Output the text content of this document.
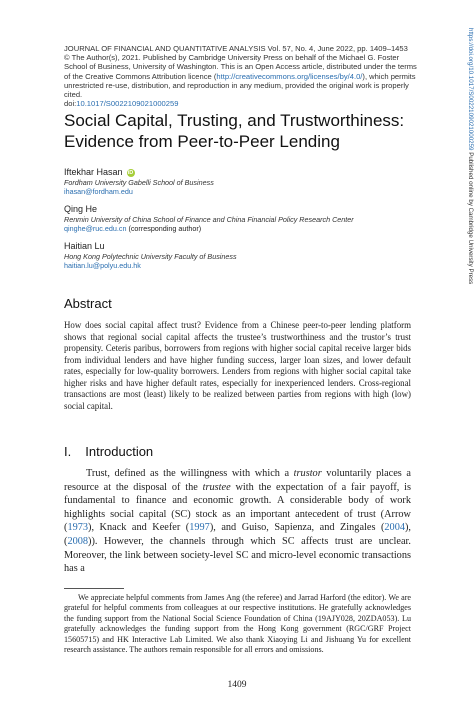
JOURNAL OF FINANCIAL AND QUANTITATIVE ANALYSIS Vol. 57, No. 4, June 2022, pp. 1409–1453

© The Author(s), 2021. Published by Cambridge University Press on behalf of the Michael G. Foster

School of Business, University of Washington. This is an Open Access article, distributed under the terms

of the Creative Commons Attribution licence (http://creativecommons.org/licenses/by/4.0/), which permits

unrestricted re-use, distribution, and reproduction in any medium, provided the original work is properly

cited.

doi:10.1017/S0022109021000259

Social Capital, Trusting, and Trustworthiness:
Evidence from Peer-to-Peer Lending
Iftekhar Hasan iD
Fordham University Gabelli School of Business
ihasan@fordham.edu
Qing He
Renmin University of China School of Finance and China Financial Policy Research Center
qinghe@ruc.edu.cn (corresponding author)
Haitian Lu
Hong Kong Polytechnic University Faculty of Business
haitian.lu@polyu.edu.hk
Abstract

How does social capital affect trust? Evidence from a Chinese peer-to-peer lending platform shows that regional social capital affects the trustee’s trustworthiness and the trustor’s trust propensity. Ceteris paribus, borrowers from regions with higher social capital receive larger bids from individual lenders and have higher funding success, larger loan sizes, and lower default rates, especially for low-quality borrowers. Lenders from regions with higher social capital take higher risks and have higher default rates, especially for inexperienced lenders. Cross-regional transactions are most (least) likely to be realized between parties from regions with high (low) social capital.

I. Introduction

Trust, defined as the willingness with which a trustor voluntarily places a resource at the disposal of the trustee with the expectation of a fair payoff, is fundamental to finance and economic growth. A considerable body of work highlights social capital (SC) stock as an important antecedent of trust (Arrow (1973), Knack and Keefer (1997), and Guiso, Sapienza, and Zingales (2004), (2008)). However, the channels through which SC affects trust are unclear. Moreover, the link between society-level SC and micro-level economic transactions has a

We appreciate helpful comments from James Ang (the referee) and Jarrad Harford (the editor). We are grateful for helpful comments from colleagues at our respective institutions. He gratefully acknowledges the funding support from the National Social Science Foundation of China (19AJY028, 20ZDA053). Lu gratefully acknowledges the funding support from the Hong Kong government (RGC/GRF Project 15605715) and HK Interactive Lab Limited. We also thank Xiaoying Li and Jishuang Yu for excellent research assistance. The authors remain responsible for all errors and omissions.

1409
https://doi.org/10.1017/S0022109021000259 Published online by Cambridge University Press
